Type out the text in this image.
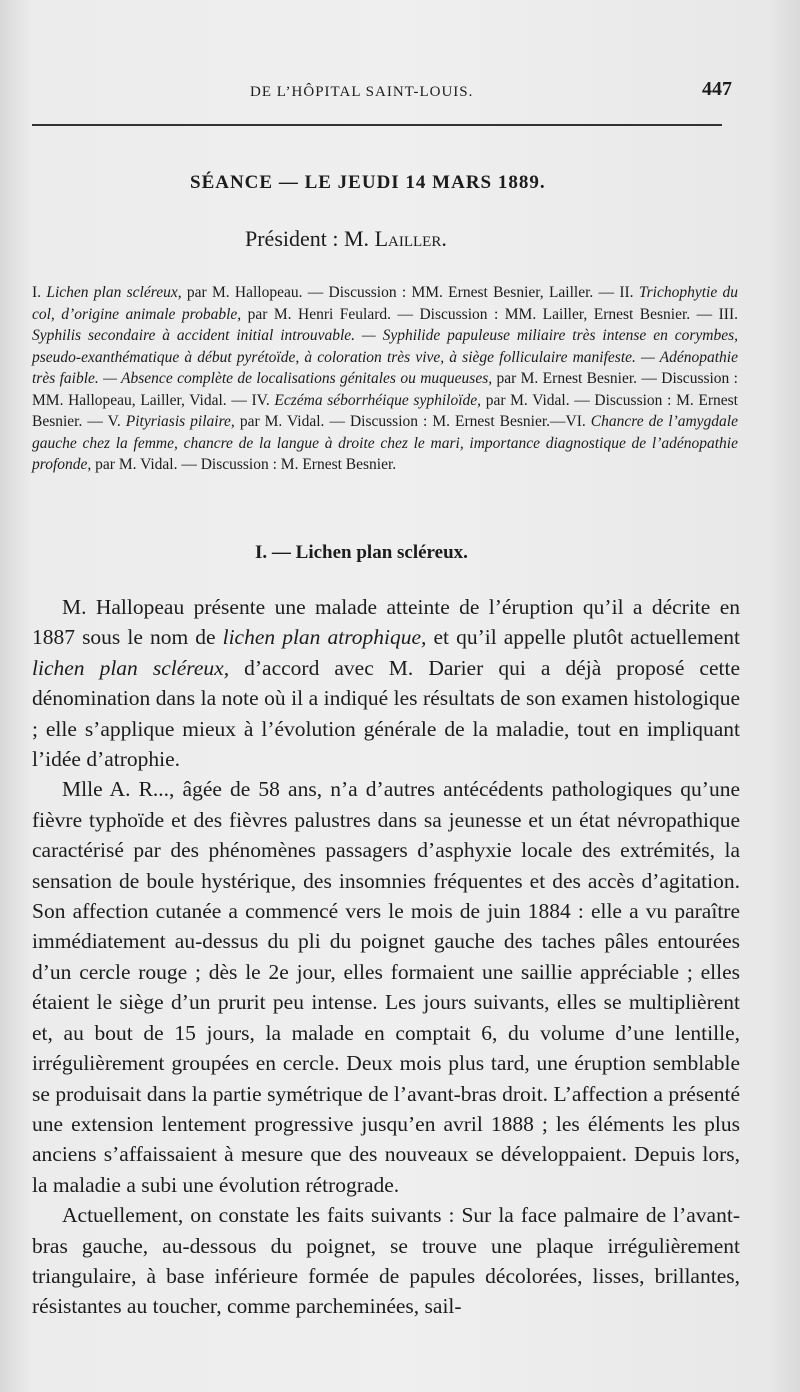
DE L’HÔPITAL SAINT-LOUIS.	447
SÉANCE — LE JEUDI 14 MARS 1889.
Président : M. Lailler.

I. Lichen plan scléreux, par M. Hallopeau. — Discussion : MM. Ernest Besnier, Lailler. — II. Trichophytie du col, d’origine animale probable, par M. Henri Feulard. — Discussion : MM. Lailler, Ernest Besnier. — III. Syphilis secondaire à accident initial introuvable. — Syphilide papuleuse miliaire très intense en corymbes, pseudo-exanthématique à début pyrétoïde, à coloration très vive, à siège folliculaire manifeste. — Adénopathie très faible. — Absence complète de localisations génitales ou muqueuses, par M. Ernest Besnier. — Discussion : MM. Hallopeau, Lailler, Vidal. — IV. Eczéma séborrhéique syphiloïde, par M. Vidal. — Discussion : M. Ernest Besnier. — V. Pityriasis pilaire, par M. Vidal. — Discussion : M. Ernest Besnier.—VI. Chancre de l’amygdale gauche chez la femme, chancre de la langue à droite chez le mari, importance diagnostique de l’adénopathie profonde, par M. Vidal. — Discussion : M. Ernest Besnier.

I. — Lichen plan scléreux.

M. Hallopeau présente une malade atteinte de l’éruption qu’il a décrite en 1887 sous le nom de lichen plan atrophique, et qu’il appelle plutôt actuellement lichen plan scléreux, d’accord avec M. Darier qui a déjà proposé cette dénomination dans la note où il a indiqué les résultats de son examen histologique ; elle s’applique mieux à l’évolution générale de la maladie, tout en impliquant l’idée d’atrophie.

Mlle A. R..., âgée de 58 ans, n’a d’autres antécédents pathologiques qu’une fièvre typhoïde et des fièvres palustres dans sa jeunesse et un état névropathique caractérisé par des phénomènes passagers d’asphyxie locale des extrémités, la sensation de boule hystérique, des insomnies fréquentes et des accès d’agitation. Son affection cutanée a commencé vers le mois de juin 1884 : elle a vu paraître immédiatement au-dessus du pli du poignet gauche des taches pâles entourées d’un cercle rouge ; dès le 2e jour, elles formaient une saillie appréciable ; elles étaient le siège d’un prurit peu intense. Les jours suivants, elles se multiplièrent et, au bout de 15 jours, la malade en comptait 6, du volume d’une lentille, irrégulièrement groupées en cercle. Deux mois plus tard, une éruption semblable se produisait dans la partie symétrique de l’avant-bras droit. L’affection a présenté une extension lentement progressive jusqu’en avril 1888 ; les éléments les plus anciens s’affaissaient à mesure que des nouveaux se développaient. Depuis lors, la maladie a subi une évolution rétrograde.

Actuellement, on constate les faits suivants : Sur la face palmaire de l’avant-bras gauche, au-dessous du poignet, se trouve une plaque irrégulièrement triangulaire, à base inférieure formée de papules décolorées, lisses, brillantes, résistantes au toucher, comme parcheminées, sail-
